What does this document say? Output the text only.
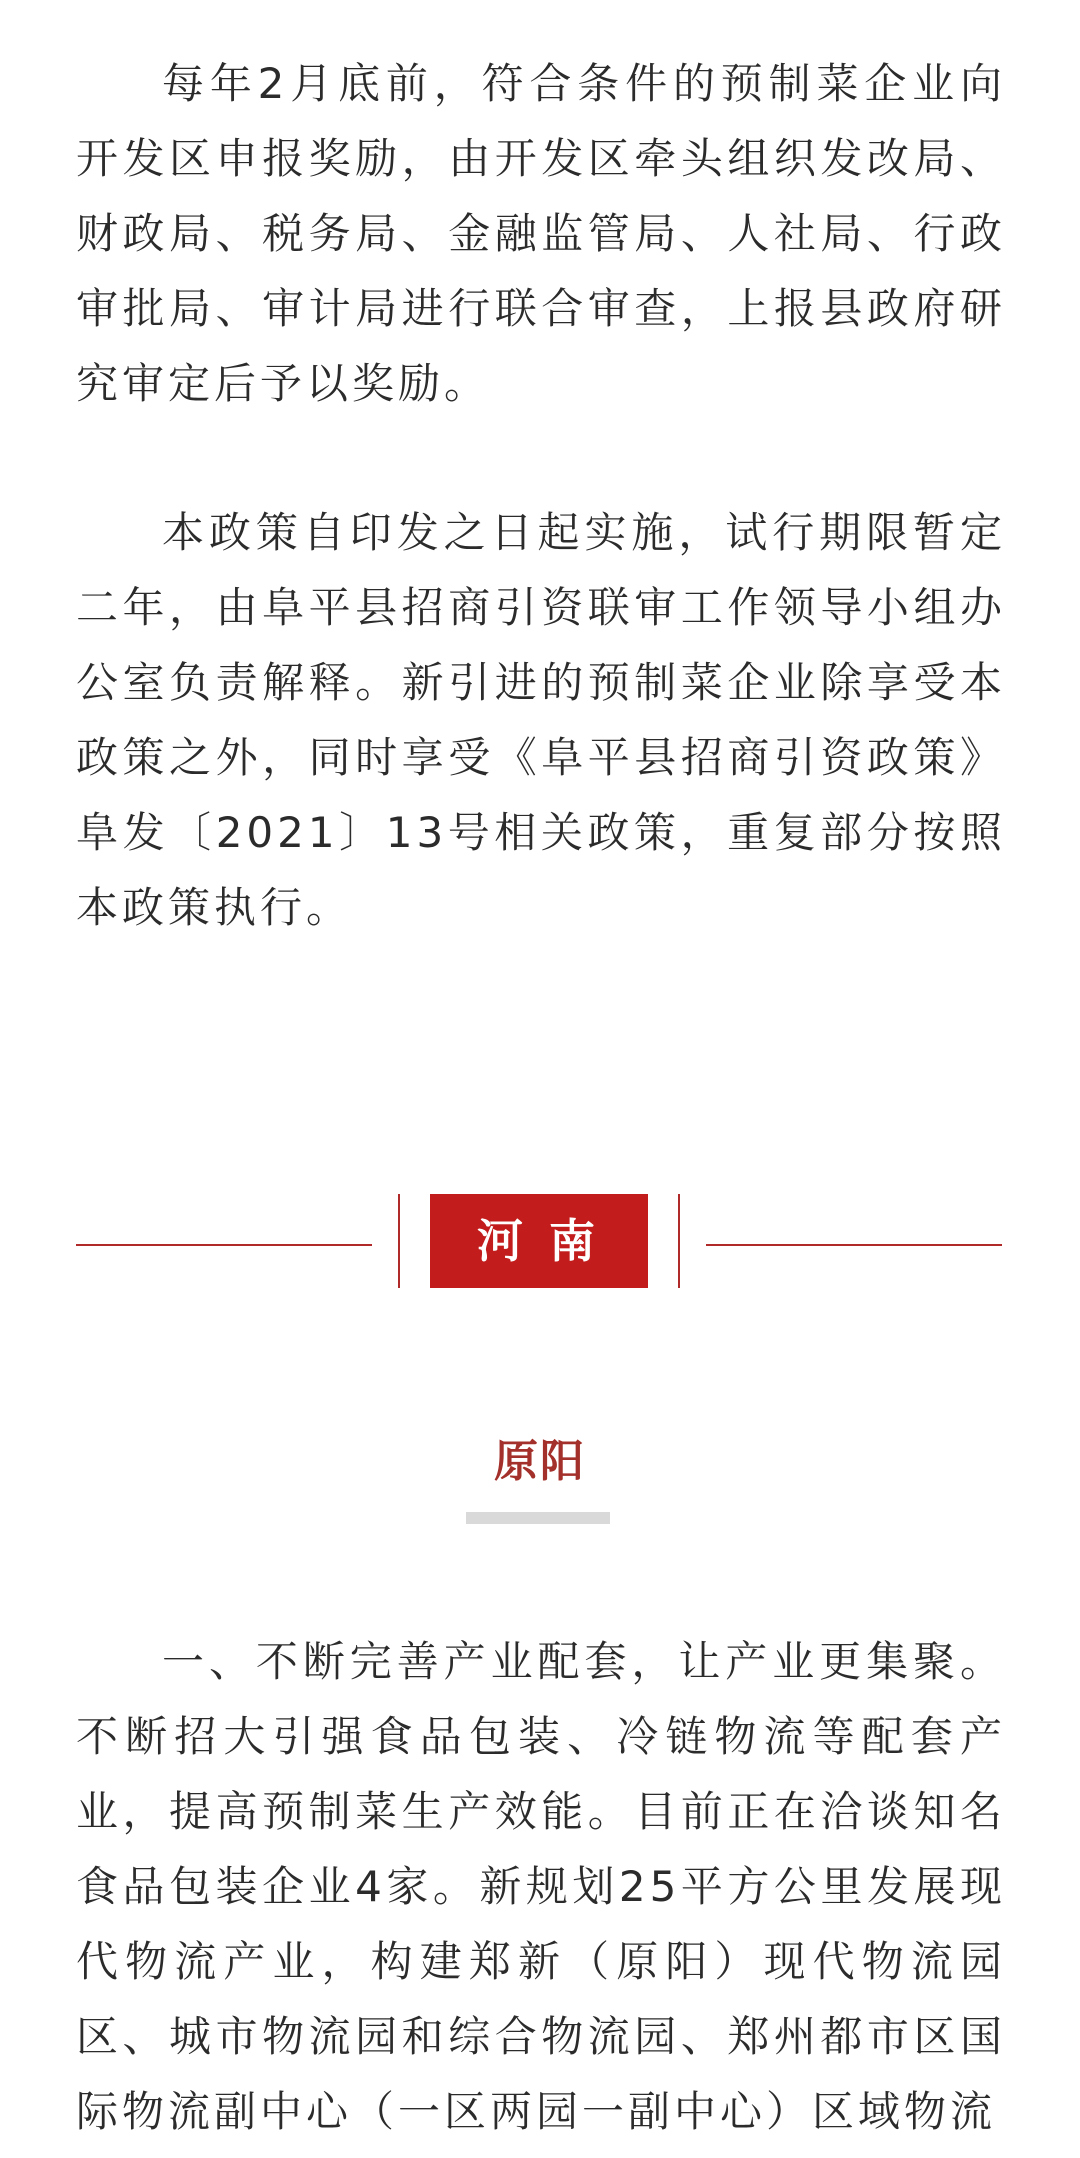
每年2月底前，符合条件的预制菜企业向开发区申报奖励，由开发区牵头组织发改局、财政局、税务局、金融监管局、人社局、行政审批局、审计局进行联合审查，上报县政府研究审定后予以奖励。

本政策自印发之日起实施，试行期限暂定二年，由阜平县招商引资联审工作领导小组办公室负责解释。新引进的预制菜企业除享受本政策之外，同时享受《阜平县招商引资政策》阜发〔2021〕13号相关政策，重复部分按照本政策执行。

河南
原阳

一、不断完善产业配套，让产业更集聚。不断招大引强食品包装、冷链物流等配套产业，提高预制菜生产效能。目前正在洽谈知名食品包装企业4家。新规划25平方公里发展现代物流产业，构建郑新（原阳）现代物流园区、城市物流园和综合物流园、郑州都市区国际物流副中心（一区两园一副中心）区域物流
